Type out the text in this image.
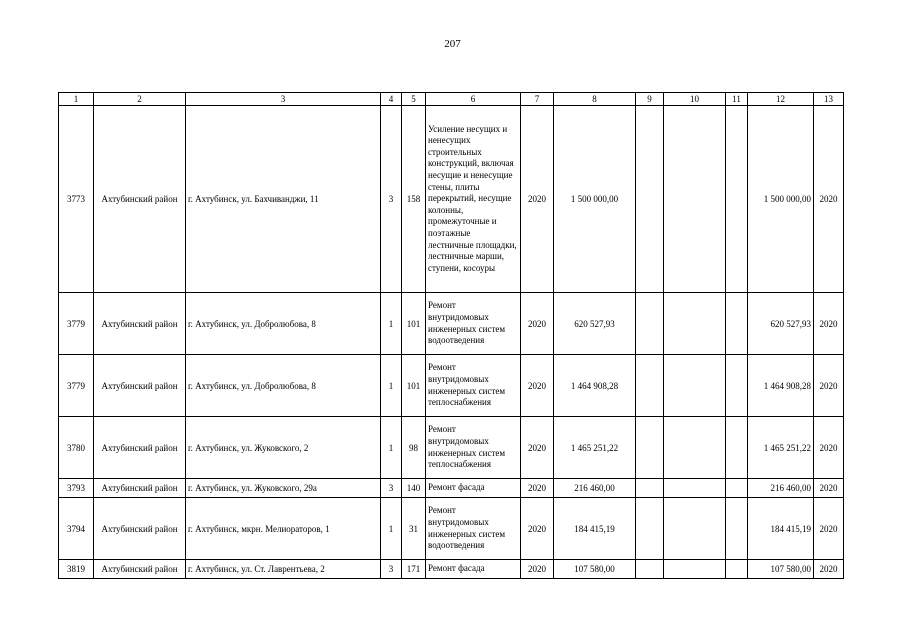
207
1	2	3	4	5	6	7	8	9	10	11	12	13
3773	Ахтубинский район	г. Ахтубинск, ул. Бахчиванджи, 11	3	158	Усиление несущих и ненесущих строительных конструкций, включая несущие и ненесущие стены, плиты перекрытий, несущие колонны, промежуточные и поэтажные лестничные площадки, лестничные марши, ступени, косоуры	2020	1 500 000,00				1 500 000,00	2020
3779	Ахтубинский район	г. Ахтубинск, ул. Добролюбова, 8	1	101	Ремонт внутридомовых инженерных систем водоотведения	2020	620 527,93				620 527,93	2020
3779	Ахтубинский район	г. Ахтубинск, ул. Добролюбова, 8	1	101	Ремонт внутридомовых инженерных систем теплоснабжения	2020	1 464 908,28				1 464 908,28	2020
3780	Ахтубинский район	г. Ахтубинск, ул. Жуковского, 2	1	98	Ремонт внутридомовых инженерных систем теплоснабжения	2020	1 465 251,22				1 465 251,22	2020
3793	Ахтубинский район	г. Ахтубинск, ул. Жуковского, 29а	3	140	Ремонт фасада	2020	216 460,00				216 460,00	2020
3794	Ахтубинский район	г. Ахтубинск, мкрн. Мелиораторов, 1	1	31	Ремонт внутридомовых инженерных систем водоотведения	2020	184 415,19				184 415,19	2020
3819	Ахтубинский район	г. Ахтубинск, ул. Ст. Лаврентьева, 2	3	171	Ремонт фасада	2020	107 580,00				107 580,00	2020
